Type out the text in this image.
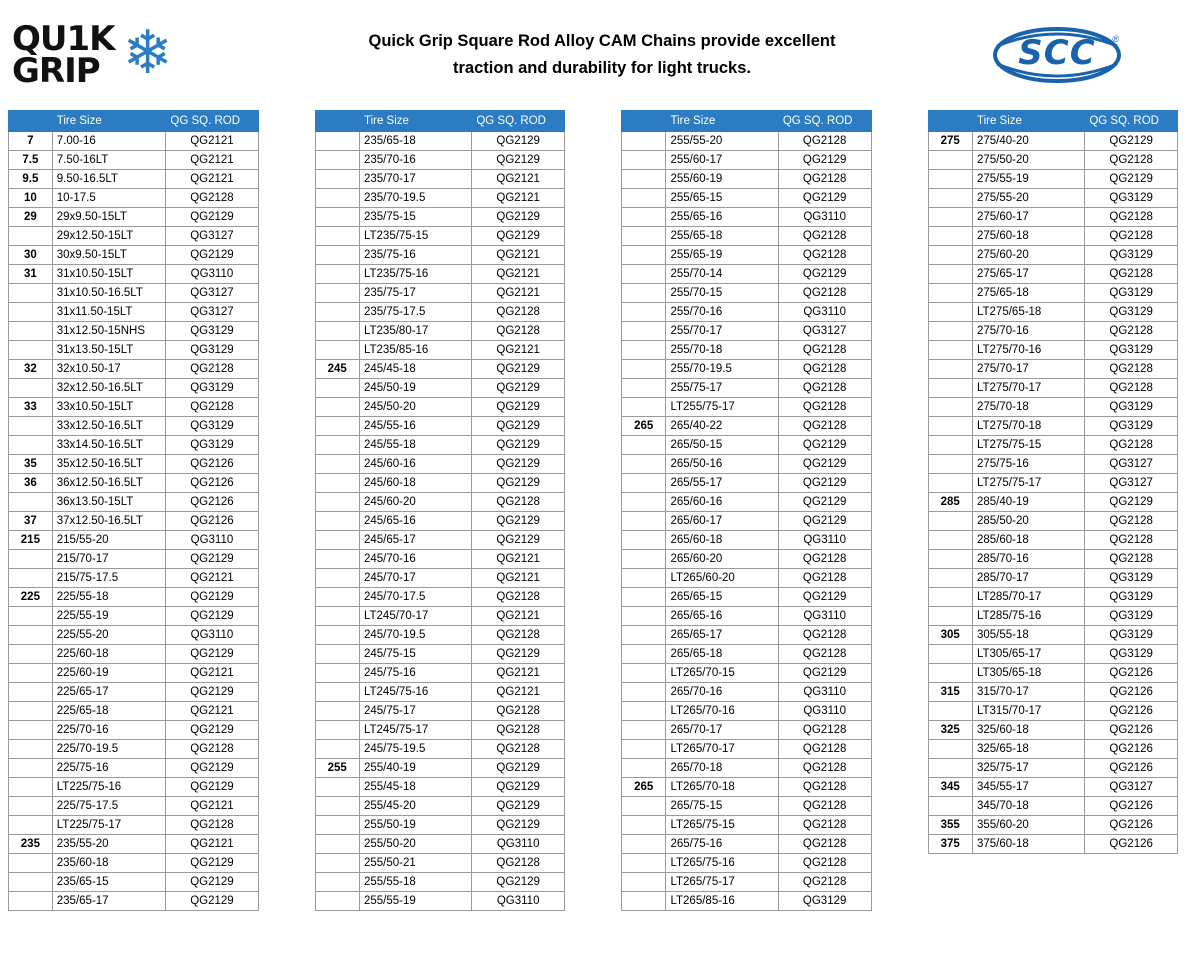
QU1K
GRIP ❄	Quick Grip Square Rod Alloy CAM Chains provide excellent
traction and durability for light trucks.	SCC ®
	Tire Size	QG SQ. ROD
7	7.00-16	QG2121
7.5	7.50-16LT	QG2121
9.5	9.50-16.5LT	QG2121
10	10-17.5	QG2128
29	29x9.50-15LT	QG2129
	29x12.50-15LT	QG3127
30	30x9.50-15LT	QG2129
31	31x10.50-15LT	QG3110
	31x10.50-16.5LT	QG3127
	31x11.50-15LT	QG3127
	31x12.50-15NHS	QG3129
	31x13.50-15LT	QG3129
32	32x10.50-17	QG2128
	32x12.50-16.5LT	QG3129
33	33x10.50-15LT	QG2128
	33x12.50-16.5LT	QG3129
	33x14.50-16.5LT	QG3129
35	35x12.50-16.5LT	QG2126
36	36x12.50-16.5LT	QG2126
	36x13.50-15LT	QG2126
37	37x12.50-16.5LT	QG2126
215	215/55-20	QG3110
	215/70-17	QG2129
	215/75-17.5	QG2121
225	225/55-18	QG2129
	225/55-19	QG2129
	225/55-20	QG3110
	225/60-18	QG2129
	225/60-19	QG2121
	225/65-17	QG2129
	225/65-18	QG2121
	225/70-16	QG2129
	225/70-19.5	QG2128
	225/75-16	QG2129
	LT225/75-16	QG2129
	225/75-17.5	QG2121
	LT225/75-17	QG2128
235	235/55-20	QG2121
	235/60-18	QG2129
	235/65-15	QG2129
	235/65-17	QG2129
	Tire Size	QG SQ. ROD
	235/65-18	QG2129
	235/70-16	QG2129
	235/70-17	QG2121
	235/70-19.5	QG2121
	235/75-15	QG2129
	LT235/75-15	QG2129
	235/75-16	QG2121
	LT235/75-16	QG2121
	235/75-17	QG2121
	235/75-17.5	QG2128
	LT235/80-17	QG2128
	LT235/85-16	QG2121
245	245/45-18	QG2129
	245/50-19	QG2129
	245/50-20	QG2129
	245/55-16	QG2129
	245/55-18	QG2129
	245/60-16	QG2129
	245/60-18	QG2129
	245/60-20	QG2128
	245/65-16	QG2129
	245/65-17	QG2129
	245/70-16	QG2121
	245/70-17	QG2121
	245/70-17.5	QG2128
	LT245/70-17	QG2121
	245/70-19.5	QG2128
	245/75-15	QG2129
	245/75-16	QG2121
	LT245/75-16	QG2121
	245/75-17	QG2128
	LT245/75-17	QG2128
	245/75-19.5	QG2128
255	255/40-19	QG2129
	255/45-18	QG2129
	255/45-20	QG2129
	255/50-19	QG2129
	255/50-20	QG3110
	255/50-21	QG2128
	255/55-18	QG2129
	255/55-19	QG3110
	Tire Size	QG SQ. ROD
	255/55-20	QG2128
	255/60-17	QG2129
	255/60-19	QG2128
	255/65-15	QG2129
	255/65-16	QG3110
	255/65-18	QG2128
	255/65-19	QG2128
	255/70-14	QG2129
	255/70-15	QG2128
	255/70-16	QG3110
	255/70-17	QG3127
	255/70-18	QG2128
	255/70-19.5	QG2128
	255/75-17	QG2128
	LT255/75-17	QG2128
265	265/40-22	QG2128
	265/50-15	QG2129
	265/50-16	QG2129
	265/55-17	QG2129
	265/60-16	QG2129
	265/60-17	QG2129
	265/60-18	QG3110
	265/60-20	QG2128
	LT265/60-20	QG2128
	265/65-15	QG2129
	265/65-16	QG3110
	265/65-17	QG2128
	265/65-18	QG2128
	LT265/70-15	QG2129
	265/70-16	QG3110
	LT265/70-16	QG3110
	265/70-17	QG2128
	LT265/70-17	QG2128
	265/70-18	QG2128
265	LT265/70-18	QG2128
	265/75-15	QG2128
	LT265/75-15	QG2128
	265/75-16	QG2128
	LT265/75-16	QG2128
	LT265/75-17	QG2128
	LT265/85-16	QG3129
	Tire Size	QG SQ. ROD
275	275/40-20	QG2129
	275/50-20	QG2128
	275/55-19	QG2129
	275/55-20	QG3129
	275/60-17	QG2128
	275/60-18	QG2128
	275/60-20	QG3129
	275/65-17	QG2128
	275/65-18	QG3129
	LT275/65-18	QG3129
	275/70-16	QG2128
	LT275/70-16	QG3129
	275/70-17	QG2128
	LT275/70-17	QG2128
	275/70-18	QG3129
	LT275/70-18	QG3129
	LT275/75-15	QG2128
	275/75-16	QG3127
	LT275/75-17	QG3127
285	285/40-19	QG2129
	285/50-20	QG2128
	285/60-18	QG2128
	285/70-16	QG2128
	285/70-17	QG3129
	LT285/70-17	QG3129
	LT285/75-16	QG3129
305	305/55-18	QG3129
	LT305/65-17	QG3129
	LT305/65-18	QG2126
315	315/70-17	QG2126
	LT315/70-17	QG2126
325	325/60-18	QG2126
	325/65-18	QG2126
	325/75-17	QG2126
345	345/55-17	QG3127
	345/70-18	QG2126
355	355/60-20	QG2126
375	375/60-18	QG2126
